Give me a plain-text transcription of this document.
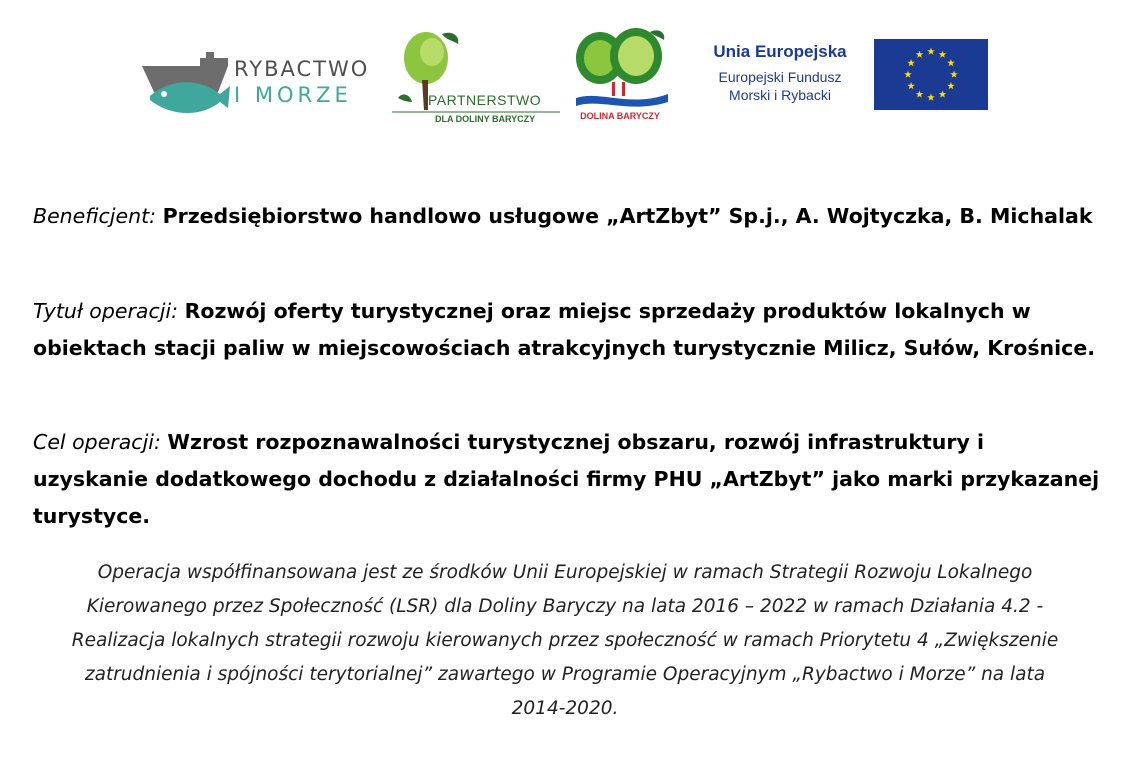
RYBACTWO
I MORZE	PARTNERSTWO
DLA DOLINY BARYCZY	DOLINA BARYCZY
Unia Europejska
Europejski Fundusz
Morski i Rybacki
Beneficjent: Przedsiębiorstwo handlowo usługowe „ArtZbyt” Sp.j., A. Wojtyczka, B. Michalak
Tytuł operacji: Rozwój oferty turystycznej oraz miejsc sprzedaży produktów lokalnych w obiektach stacji paliw w miejscowościach atrakcyjnych turystycznie Milicz, Sułów, Krośnice.
Cel operacji: Wzrost rozpoznawalności turystycznej obszaru, rozwój infrastruktury i uzyskanie dodatkowego dochodu z działalności firmy PHU „ArtZbyt” jako marki przykazanej turystyce.
Operacja współfinansowana jest ze środków Unii Europejskiej w ramach Strategii Rozwoju Lokalnego
Kierowanego przez Społeczność (LSR) dla Doliny Baryczy na lata 2016 – 2022 w ramach Działania 4.2 -
Realizacja lokalnych strategii rozwoju kierowanych przez społeczność w ramach Priorytetu 4 „Zwiększenie
zatrudnienia i spójności terytorialnej” zawartego w Programie Operacyjnym „Rybactwo i Morze” na lata
2014-2020.
